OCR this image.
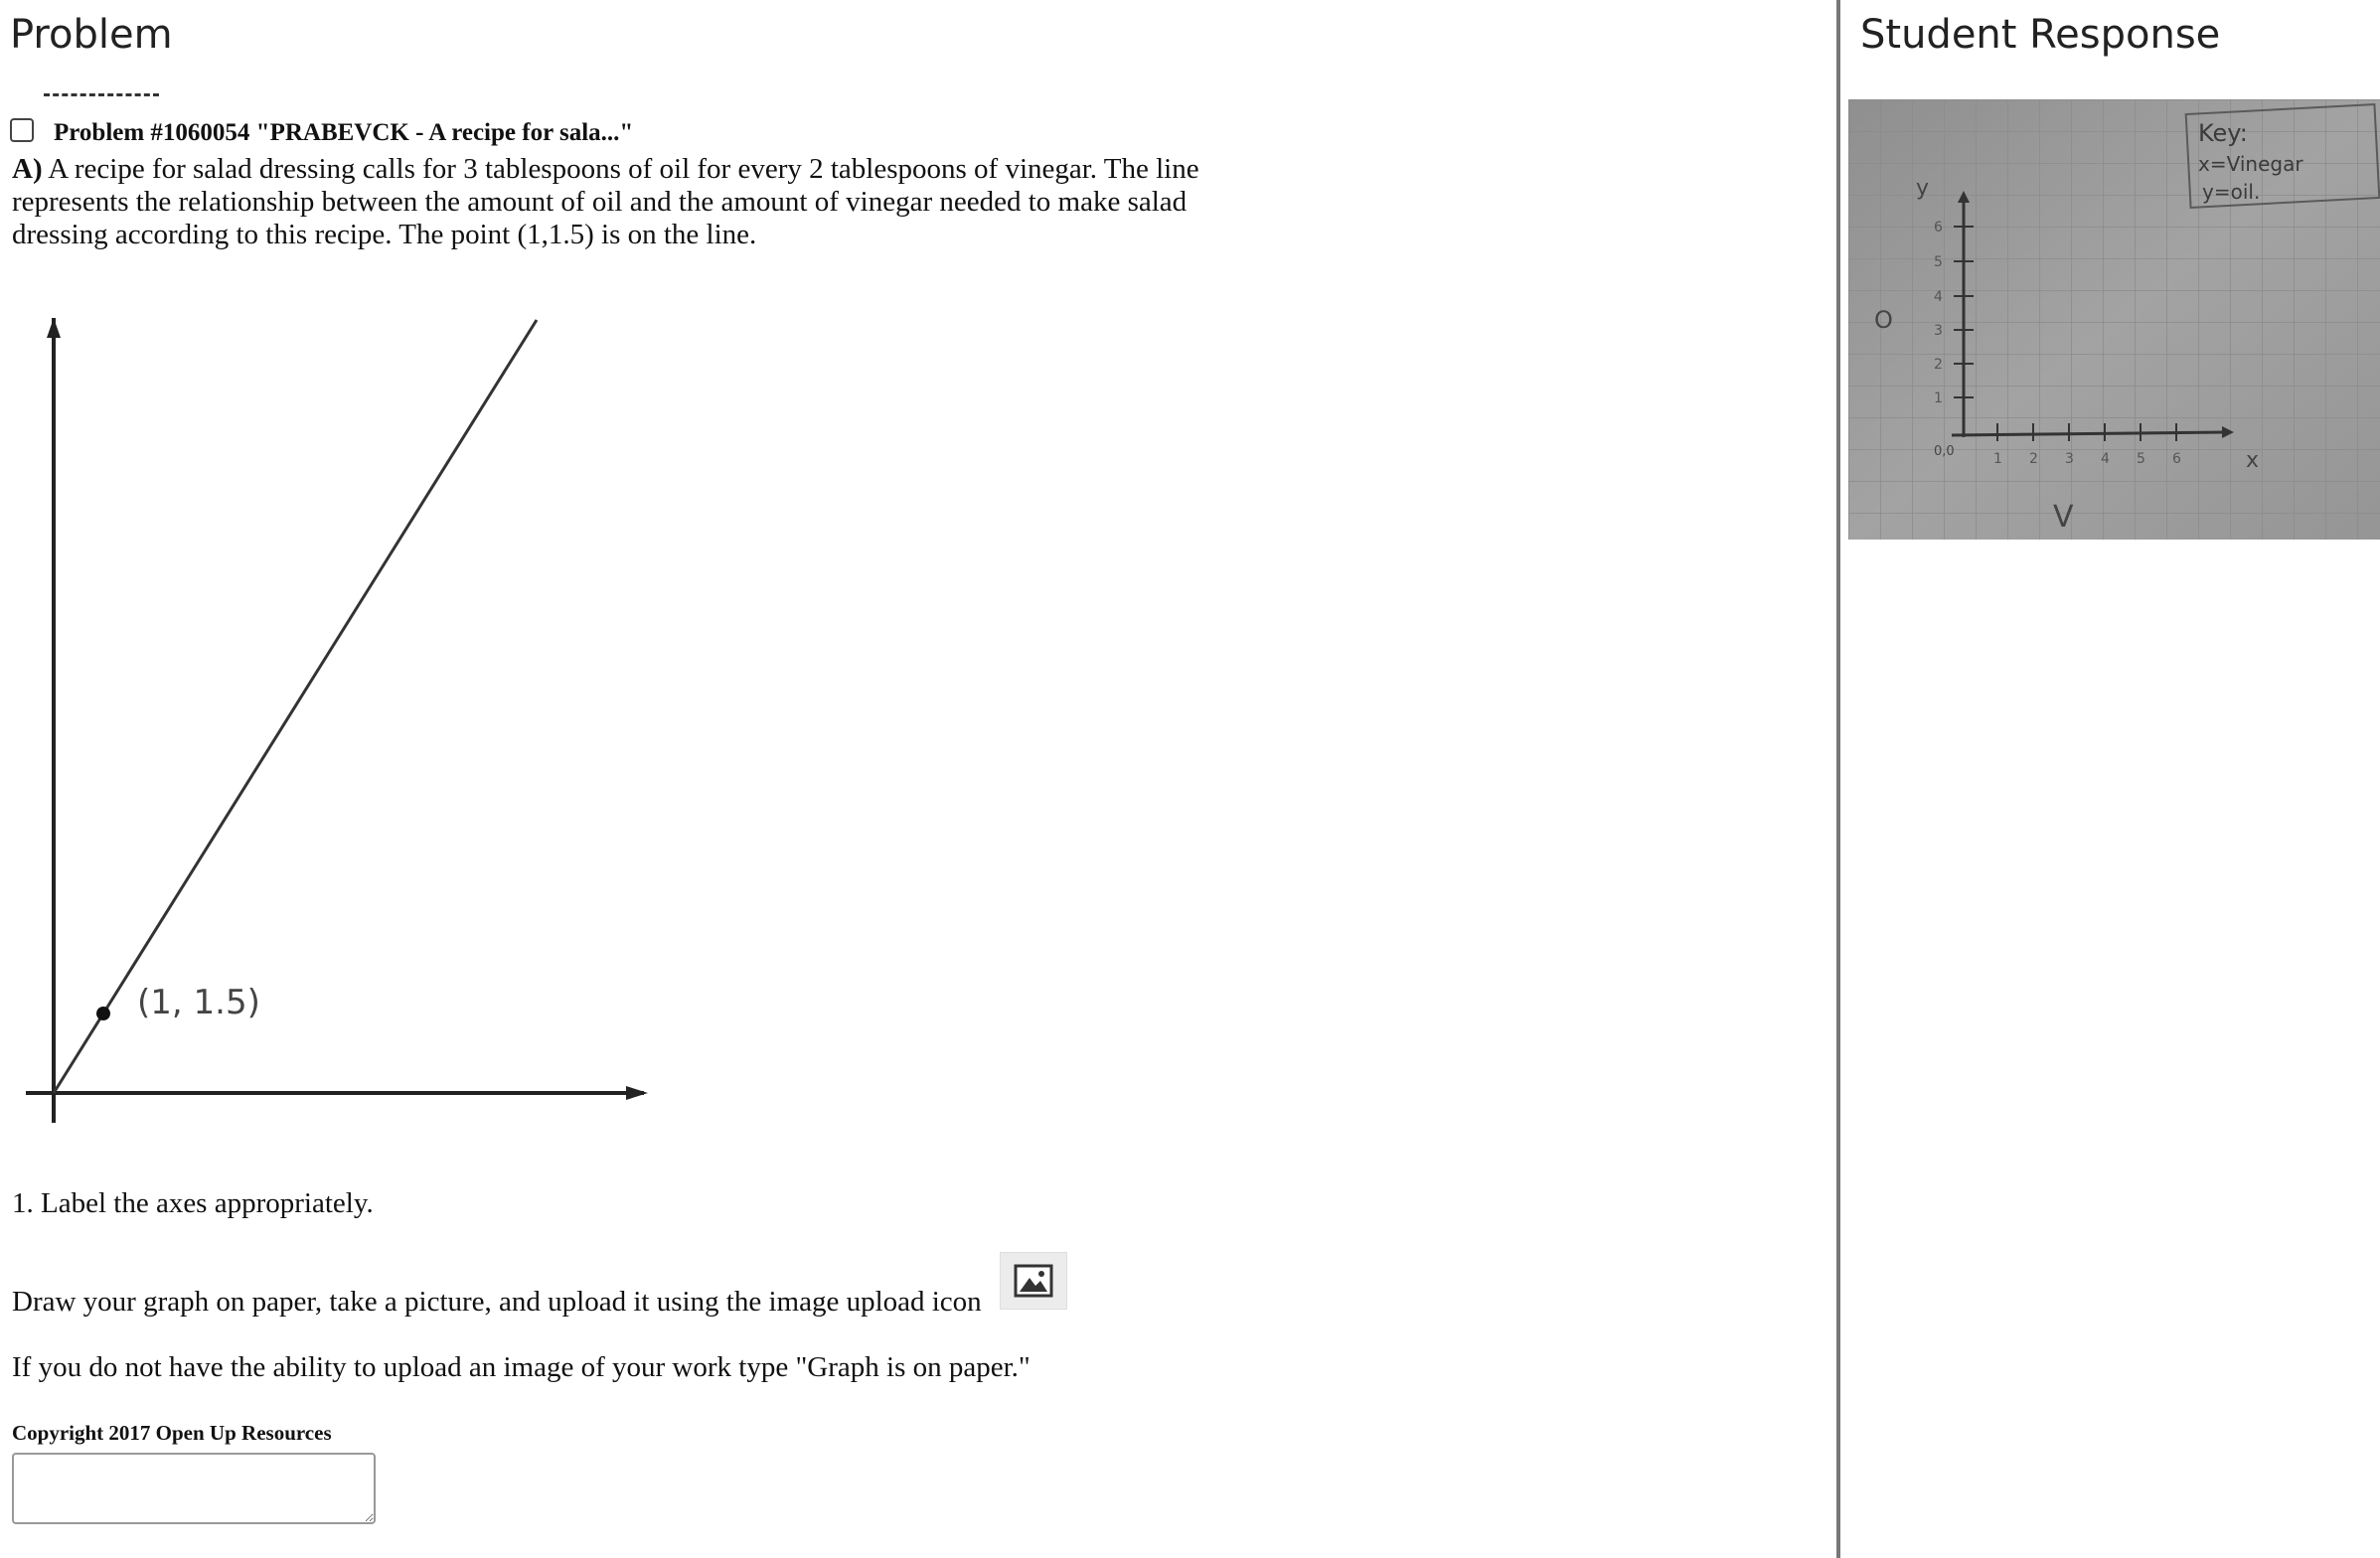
Problem
Problem #1060054 "PRABEVCK - A recipe for sala..."
A) A recipe for salad dressing calls for 3 tablespoons of oil for every 2 tablespoons of vinegar. The line represents the relationship between the amount of oil and the amount of vinegar needed to make salad dressing according to this recipe. The point (1,1.5) is on the line.
(1, 1.5)
1. Label the axes appropriately.
Draw your graph on paper, take a picture, and upload it using the image upload icon
If you do not have the ability to upload an image of your work type "Graph is on paper."
Copyright 2017 Open Up Resources
Student Response
6
5
4
3
2
1
1 2 3 4 5 6
y
x
0,0
O
V
Key:
x=Vinegar
y=oil.
